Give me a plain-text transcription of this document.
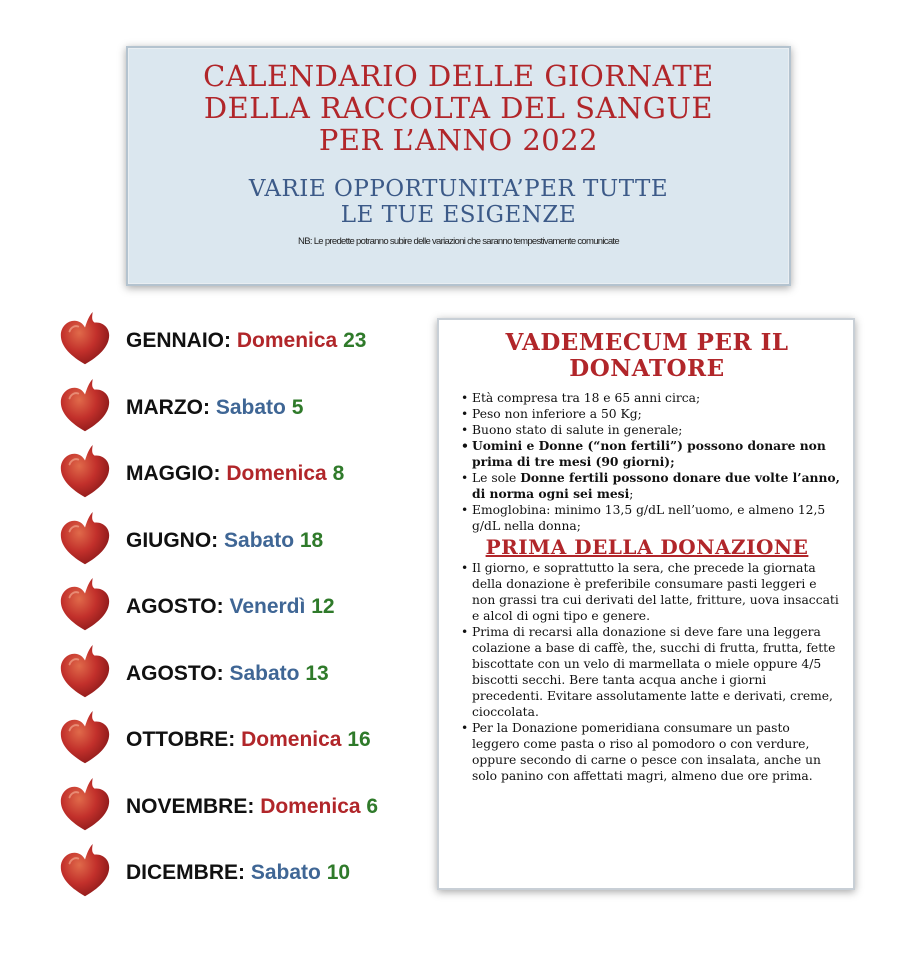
CALENDARIO DELLE GIORNATE
DELLA RACCOLTA DEL SANGUE
PER L’ANNO 2022
VARIE OPPORTUNITA’PER TUTTE
LE TUE ESIGENZE
NB: Le predette potranno subire delle variazioni che saranno tempestivamente comunicate
GENNAIO: Domenica 23
MARZO: Sabato 5
MAGGIO: Domenica 8
GIUGNO: Sabato 18
AGOSTO: Venerdì 12
AGOSTO: Sabato 13
OTTOBRE: Domenica 16
NOVEMBRE: Domenica 6
DICEMBRE: Sabato 10
VADEMECUM PER IL
DONATORE
• Età compresa tra 18 e 65 anni circa;
• Peso non inferiore a 50 Kg;
• Buono stato di salute in generale;
• Uomini e Donne (“non fertili”) possono donare non prima di tre mesi (90 giorni);
• Le sole Donne fertili possono donare due volte l’anno, di norma ogni sei mesi;
• Emoglobina: minimo 13,5 g/dL nell’uomo, e almeno 12,5 g/dL nella donna;
PRIMA DELLA DONAZIONE
• Il giorno, e soprattutto la sera, che precede la giornata della donazione è preferibile consumare pasti leggeri e non grassi tra cui derivati del latte, fritture, uova insaccati e alcol di ogni tipo e genere.
• Prima di recarsi alla donazione si deve fare una leggera colazione a base di caffè, the, succhi di frutta, frutta, fette biscottate con un velo di marmellata o miele oppure 4/5 biscotti secchi. Bere tanta acqua anche i giorni precedenti. Evitare assolutamente latte e derivati, creme, cioccolata.
• Per la Donazione pomeridiana consumare un pasto leggero come pasta o riso al pomodoro o con verdure, oppure secondo di carne o pesce con insalata, anche un solo panino con affettati magri, almeno due ore prima.
